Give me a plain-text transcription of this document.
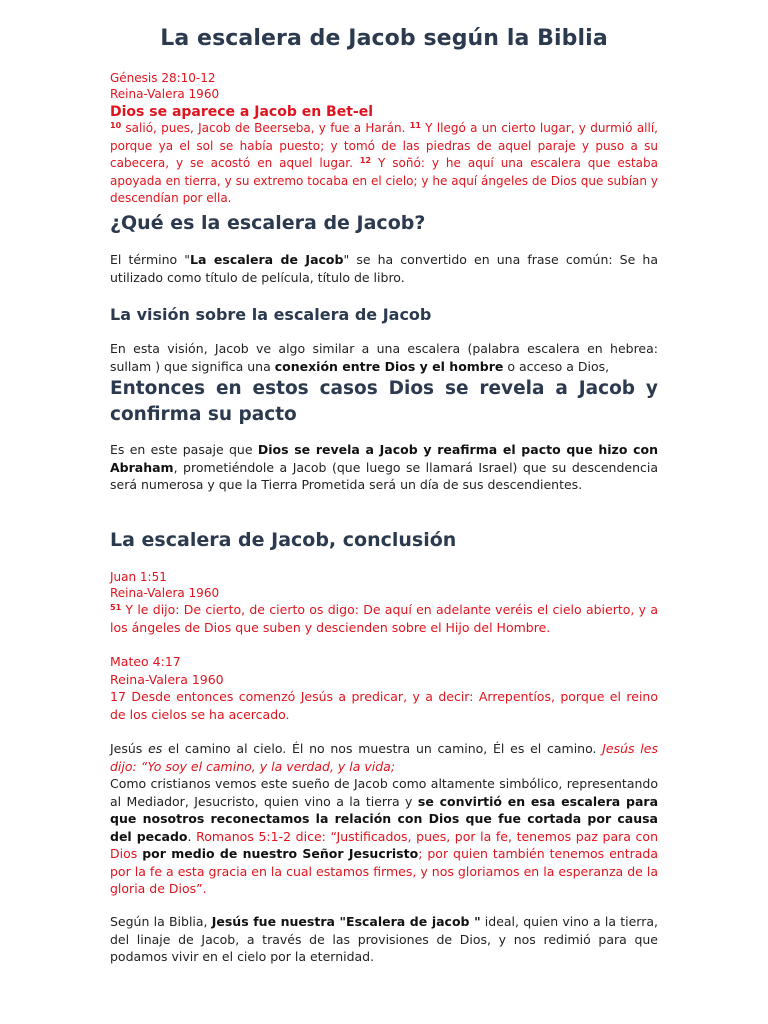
La escalera de Jacob según la Biblia
Génesis 28:10-12
Reina-Valera 1960
Dios se aparece a Jacob en Bet-el
$^{10}$ salió, pues, Jacob de Beerseba, y fue a Harán. $^{11}$ Y llegó a un cierto lugar, y durmió allí, porque ya el sol se había puesto; y tomó de las piedras de aquel paraje y puso a su cabecera, y se acostó en aquel lugar. $^{12}$ Y soñó: y he aquí una escalera que estaba apoyada en tierra, y su extremo tocaba en el cielo; y he aquí ángeles de Dios que subían y descendían por ella.
¿Qué es la escalera de Jacob?
El término "La escalera de Jacob" se ha convertido en una frase común: Se ha utilizado como título de película, título de libro.
La visión sobre la escalera de Jacob
En esta visión, Jacob ve algo similar a una escalera (palabra escalera en hebrea: sullam ) que significa una conexión entre Dios y el hombre o acceso a Dios,
Entonces en estos casos Dios se revela a Jacob y confirma su pacto
Es en este pasaje que Dios se revela a Jacob y reafirma el pacto que hizo con Abraham, prometiéndole a Jacob (que luego se llamará Israel) que su descendencia será numerosa y que la Tierra Prometida será un día de sus descendientes.
La escalera de Jacob, conclusión
Juan 1:51
Reina-Valera 1960
$^{51}$ Y le dijo: De cierto, de cierto os digo: De aquí en adelante veréis el cielo abierto, y a los ángeles de Dios que suben y descienden sobre el Hijo del Hombre.
Mateo 4:17
Reina-Valera 1960
17 Desde entonces comenzó Jesús a predicar, y a decir: Arrepentíos, porque el reino de los cielos se ha acercado.
Jesús es el camino al cielo. Él no nos muestra un camino, Él es el camino. Jesús les dijo: “Yo soy el camino, y la verdad, y la vida;
Como cristianos vemos este sueño de Jacob como altamente simbólico, representando al Mediador, Jesucristo, quien vino a la tierra y se convirtió en esa escalera para que nosotros reconectamos la relación con Dios que fue cortada por causa del pecado. Romanos 5:1-2 dice: “Justificados, pues, por la fe, tenemos paz para con Dios por medio de nuestro Señor Jesucristo; por quien también tenemos entrada por la fe a esta gracia en la cual estamos firmes, y nos gloriamos en la esperanza de la gloria de Dios”.
Según la Biblia, Jesús fue nuestra "Escalera de jacob " ideal, quien vino a la tierra, del linaje de Jacob, a través de las provisiones de Dios, y nos redimió para que podamos vivir en el cielo por la eternidad.
